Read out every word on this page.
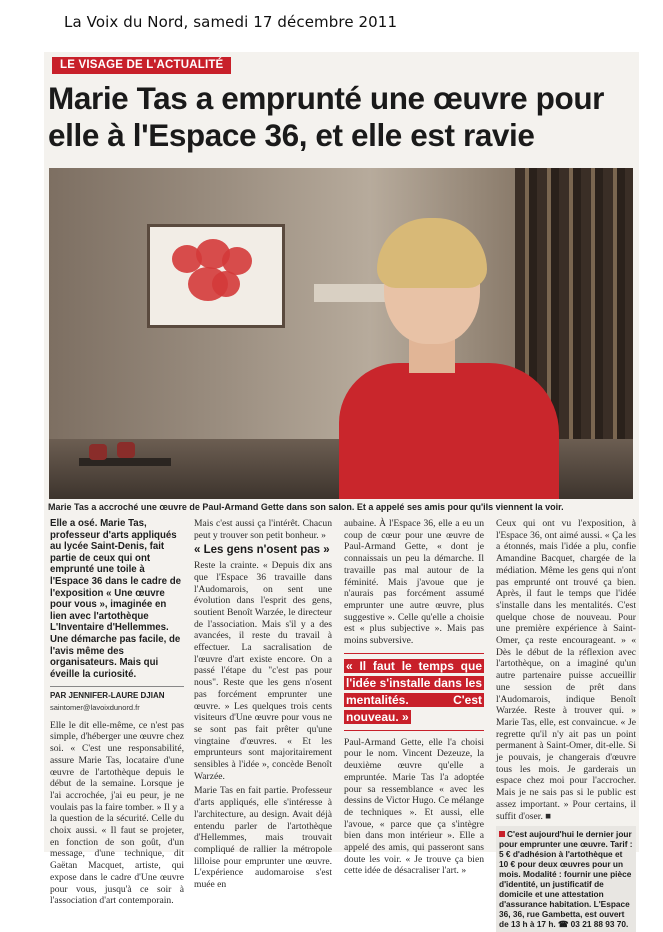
La Voix du Nord, samedi 17 décembre 2011
LE VISAGE DE L'ACTUALITÉ
Marie Tas a emprunté une œuvre pour elle à l'Espace 36, et elle est ravie
Marie Tas a accroché une œuvre de Paul-Armand Gette dans son salon. Et a appelé ses amis pour qu'ils viennent la voir.

Elle a osé. Marie Tas, professeur d'arts appliqués au lycée Saint-Denis, fait partie de ceux qui ont emprunté une toile à l'Espace 36 dans le cadre de l'exposition « Une œuvre pour vous », imaginée en lien avec l'artothèque L'Inventaire d'Hellemmes. Une démarche pas facile, de l'avis même des organisateurs. Mais qui éveille la curiosité.

PAR JENNIFER-LAURE DJIAN
saintomer@lavoixdunord.fr

Elle le dit elle-même, ce n'est pas simple, d'héberger une œuvre chez soi. « C'est une responsabilité, assure Marie Tas, locataire d'une œuvre de l'artothèque depuis le début de la semaine. Lorsque je l'ai accrochée, j'ai eu peur, je ne voulais pas la faire tomber. » Il y a la question de la sécurité. Celle du choix aussi. « Il faut se projeter, en fonction de son goût, d'un message, d'une technique, dit Gaëtan Macquet, artiste, qui expose dans le cadre d'Une œuvre pour vous, jusqu'à ce soir à l'association d'art contemporain.

Mais c'est aussi ça l'intérêt. Chacun peut y trouver son petit bonheur. »

« Les gens n'osent pas »

Reste la crainte. « Depuis dix ans que l'Espace 36 travaille dans l'Audomarois, on sent une évolution dans l'esprit des gens, soutient Benoît Warzée, le directeur de l'association. Mais s'il y a des avancées, il reste du travail à effectuer. La sacralisation de l'œuvre d'art existe encore. On a passé l'étape du "c'est pas pour nous". Reste que les gens n'osent pas forcément emprunter une œuvre. » Les quelques trois cents visiteurs d'Une œuvre pour vous ne se sont pas fait prêter qu'une vingtaine d'œuvres. « Et les emprunteurs sont majoritairement sensibles à l'idée », concède Benoît Warzée.

Marie Tas en fait partie. Professeur d'arts appliqués, elle s'intéresse à l'architecture, au design. Avait déjà entendu parler de l'artothèque d'Hellemmes, mais trouvait compliqué de rallier la métropole lilloise pour emprunter une œuvre. L'expérience audomaroise s'est muée en

aubaine. À l'Espace 36, elle a eu un coup de cœur pour une œuvre de Paul-Armand Gette, « dont je connaissais un peu la démarche. Il travaille pas mal autour de la féminité. Mais j'avoue que je n'aurais pas forcément assumé emprunter une autre œuvre, plus suggestive ». Celle qu'elle a choisie est « plus subjective ». Mais pas moins subversive.

« Il faut le temps que l'idée s'installe dans les mentalités. C'est nouveau. »

Paul-Armand Gette, elle l'a choisi pour le nom. Vincent Dezeuze, la deuxième œuvre qu'elle a empruntée. Marie Tas l'a adoptée pour sa ressemblance « avec les dessins de Victor Hugo. Ce mélange de techniques ». Et aussi, elle l'avoue, « parce que ça s'intègre bien dans mon intérieur ». Elle a appelé des amis, qui passeront sans doute les voir. « Je trouve ça bien cette idée de désacraliser l'art. »

Ceux qui ont vu l'exposition, à l'Espace 36, ont aimé aussi. « Ça les a étonnés, mais l'idée a plu, confie Amandine Bacquet, chargée de la médiation. Même les gens qui n'ont pas emprunté ont trouvé ça bien. Après, il faut le temps que l'idée s'installe dans les mentalités. C'est quelque chose de nouveau. Pour une première expérience à Saint-Omer, ça reste encourageant. » « Dès le début de la réflexion avec l'artothèque, on a imaginé qu'un autre partenaire puisse accueillir une session de prêt dans l'Audomarois, indique Benoît Warzée. Reste à trouver qui. » Marie Tas, elle, est convaincue. « Je regrette qu'il n'y ait pas un point permanent à Saint-Omer, dit-elle. Si je pouvais, je changerais d'œuvre tous les mois. Je garderais un espace chez moi pour l'accrocher. Mais je ne sais pas si le public est assez important. » Pour certains, il suffit d'oser. ■

C'est aujourd'hui le dernier jour pour emprunter une œuvre. Tarif : 5 € d'adhésion à l'artothèque et 10 € pour deux œuvres pour un mois. Modalité : fournir une pièce d'identité, un justificatif de domicile et une attestation d'assurance habitation. L'Espace 36, 36, rue Gambetta, est ouvert de 13 h à 17 h. ☎ 03 21 88 93 70.
